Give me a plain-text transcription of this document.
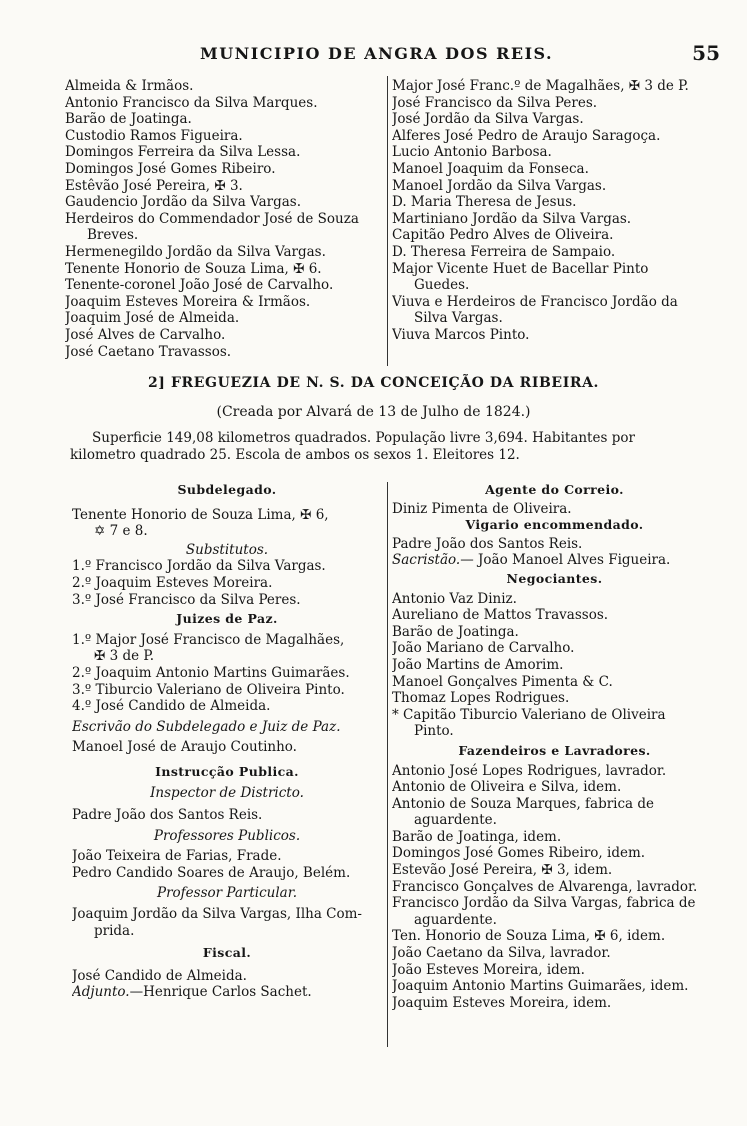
MUNICIPIO DE ANGRA DOS REIS.	55
Almeida & Irmãos.
Antonio Francisco da Silva Marques.
Barão de Joatinga.
Custodio Ramos Figueira.
Domingos Ferreira da Silva Lessa.
Domingos José Gomes Ribeiro.
Estêvão José Pereira, ✠ 3.
Gaudencio Jordão da Silva Vargas.
Herdeiros do Commendador José de Souza
Breves.
Hermenegildo Jordão da Silva Vargas.
Tenente Honorio de Souza Lima, ✠ 6.
Tenente-coronel João José de Carvalho.
Joaquim Esteves Moreira & Irmãos.
Joaquim José de Almeida.
José Alves de Carvalho.
José Caetano Travassos.
Major José Franc.º de Magalhães, ✠ 3 de P.
José Francisco da Silva Peres.
José Jordão da Silva Vargas.
Alferes José Pedro de Araujo Saragoça.
Lucio Antonio Barbosa.
Manoel Joaquim da Fonseca.
Manoel Jordão da Silva Vargas.
D. Maria Theresa de Jesus.
Martiniano Jordão da Silva Vargas.
Capitão Pedro Alves de Oliveira.
D. Theresa Ferreira de Sampaio.
Major Vicente Huet de Bacellar Pinto
Guedes.
Viuva e Herdeiros de Francisco Jordão da
Silva Vargas.
Viuva Marcos Pinto.
2] FREGUEZIA DE N. S. DA CONCEIÇÃO DA RIBEIRA.
(Creada por Alvará de 13 de Julho de 1824.)
Superficie 149,08 kilometros quadrados. População livre 3,694. Habitantes por
kilometro quadrado 25. Escola de ambos os sexos 1. Eleitores 12.
Subdelegado.
Tenente Honorio de Souza Lima, ✠ 6,
✡ 7 e 8.
Substitutos.
1.º Francisco Jordão da Silva Vargas.
2.º Joaquim Esteves Moreira.
3.º José Francisco da Silva Peres.
Juizes de Paz.
1.º Major José Francisco de Magalhães,
✠ 3 de P.
2.º Joaquim Antonio Martins Guimarães.
3.º Tiburcio Valeriano de Oliveira Pinto.
4.º José Candido de Almeida.
Escrivão do Subdelegado e Juiz de Paz.
Manoel José de Araujo Coutinho.
Instrucção Publica.
Inspector de Districto.
Padre João dos Santos Reis.
Professores Publicos.
João Teixeira de Farias, Frade.
Pedro Candido Soares de Araujo, Belém.
Professor Particular.
Joaquim Jordão da Silva Vargas, Ilha Com-
prida.
Fiscal.
José Candido de Almeida.
Adjunto.—Henrique Carlos Sachet.
Agente do Correio.
Diniz Pimenta de Oliveira.
Vigario encommendado.
Padre João dos Santos Reis.
Sacristão.— João Manoel Alves Figueira.
Negociantes.
Antonio Vaz Diniz.
Aureliano de Mattos Travassos.
Barão de Joatinga.
João Mariano de Carvalho.
João Martins de Amorim.
Manoel Gonçalves Pimenta & C.
Thomaz Lopes Rodrigues.
* Capitão Tiburcio Valeriano de Oliveira
Pinto.
Fazendeiros e Lavradores.
Antonio José Lopes Rodrigues, lavrador.
Antonio de Oliveira e Silva, idem.
Antonio de Souza Marques, fabrica de
aguardente.
Barão de Joatinga, idem.
Domingos José Gomes Ribeiro, idem.
Estevão José Pereira, ✠ 3, idem.
Francisco Gonçalves de Alvarenga, lavrador.
Francisco Jordão da Silva Vargas, fabrica de
aguardente.
Ten. Honorio de Souza Lima, ✠ 6, idem.
João Caetano da Silva, lavrador.
João Esteves Moreira, idem.
Joaquim Antonio Martins Guimarães, idem.
Joaquim Esteves Moreira, idem.
